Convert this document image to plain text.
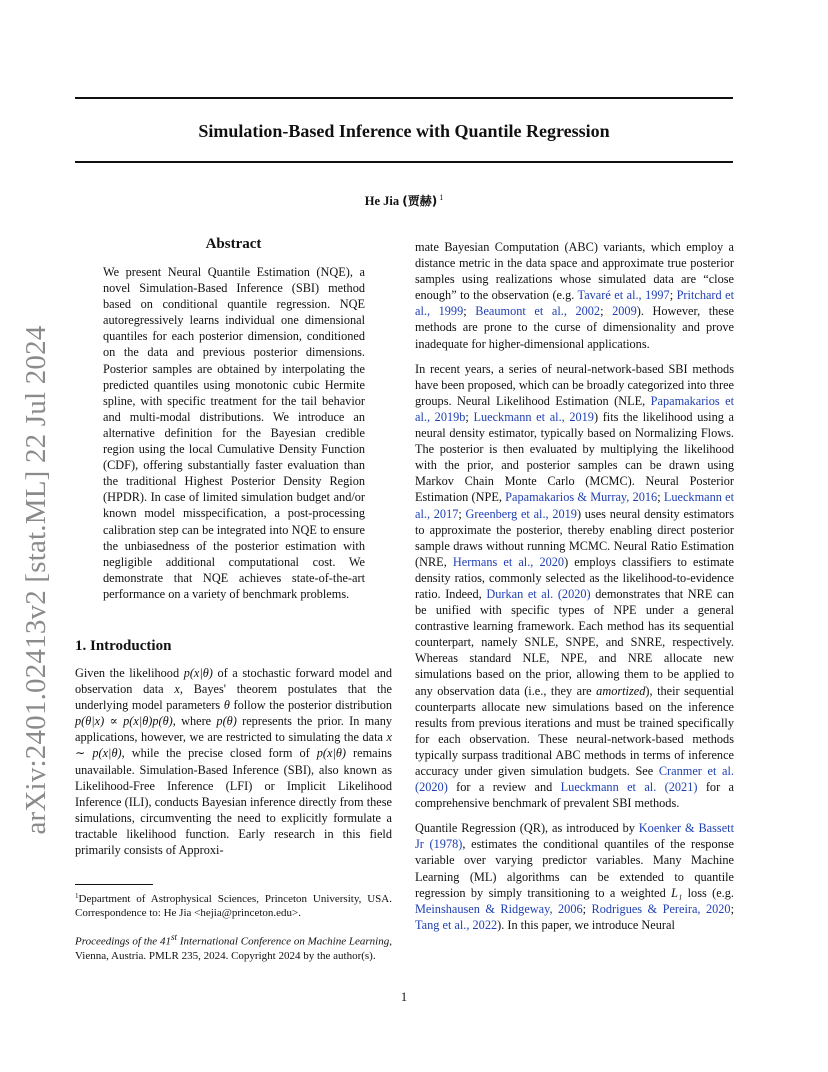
arXiv:2401.02413v2 [stat.ML] 22 Jul 2024
Simulation-Based Inference with Quantile Regression
He Jia (贾赫) $^1$
Abstract

We present Neural Quantile Estimation (NQE), a novel Simulation-Based Inference (SBI) method based on conditional quantile regression. NQE autoregressively learns individual one dimensional quantiles for each posterior dimension, conditioned on the data and previous posterior dimensions. Posterior samples are obtained by interpolating the predicted quantiles using monotonic cubic Hermite spline, with specific treatment for the tail behavior and multi-modal distributions. We introduce an alternative definition for the Bayesian credible region using the local Cumulative Density Function (CDF), offering substantially faster evaluation than the traditional Highest Posterior Density Region (HPDR). In case of limited simulation budget and/or known model misspecification, a post-processing calibration step can be integrated into NQE to ensure the unbiasedness of the posterior estimation with negligible additional computational cost. We demonstrate that NQE achieves state-of-the-art performance on a variety of benchmark problems.

1. Introduction

Given the likelihood p(x|θ) of a stochastic forward model and observation data x, Bayes' theorem postulates that the underlying model parameters θ follow the posterior distribution p(θ|x) ∝ p(x|θ)p(θ), where p(θ) represents the prior. In many applications, however, we are restricted to simulating the data x ∼ p(x|θ), while the precise closed form of p(x|θ) remains unavailable. Simulation-Based Inference (SBI), also known as Likelihood-Free Inference (LFI) or Implicit Likelihood Inference (ILI), conducts Bayesian inference directly from these simulations, circumventing the need to explicitly formulate a tractable likelihood function. Early research in this field primarily consists of Approxi-

mate Bayesian Computation (ABC) variants, which employ a distance metric in the data space and approximate true posterior samples using realizations whose simulated data are “close enough” to the observation (e.g. Tavaré et al., 1997; Pritchard et al., 1999; Beaumont et al., 2002; 2009). However, these methods are prone to the curse of dimensionality and prove inadequate for higher-dimensional applications.

In recent years, a series of neural-network-based SBI methods have been proposed, which can be broadly categorized into three groups. Neural Likelihood Estimation (NLE, Papamakarios et al., 2019b; Lueckmann et al., 2019) fits the likelihood using a neural density estimator, typically based on Normalizing Flows. The posterior is then evaluated by multiplying the likelihood with the prior, and posterior samples can be drawn using Markov Chain Monte Carlo (MCMC). Neural Posterior Estimation (NPE, Papamakarios & Murray, 2016; Lueckmann et al., 2017; Greenberg et al., 2019) uses neural density estimators to approximate the posterior, thereby enabling direct posterior sample draws without running MCMC. Neural Ratio Estimation (NRE, Hermans et al., 2020) employs classifiers to estimate density ratios, commonly selected as the likelihood-to-evidence ratio. Indeed, Durkan et al. (2020) demonstrates that NRE can be unified with specific types of NPE under a general contrastive learning framework. Each method has its sequential counterpart, namely SNLE, SNPE, and SNRE, respectively. Whereas standard NLE, NPE, and NRE allocate new simulations based on the prior, allowing them to be applied to any observation data (i.e., they are amortized), their sequential counterparts allocate new simulations based on the inference results from previous iterations and must be trained specifically for each observation. These neural-network-based methods typically surpass traditional ABC methods in terms of inference accuracy under given simulation budgets. See Cranmer et al. (2020) for a review and Lueckmann et al. (2021) for a comprehensive benchmark of prevalent SBI methods.

Quantile Regression (QR), as introduced by Koenker & Bassett Jr (1978), estimates the conditional quantiles of the response variable over varying predictor variables. Many Machine Learning (ML) algorithms can be extended to quantile regression by simply transitioning to a weighted L₁ loss (e.g. Meinshausen & Ridgeway, 2006; Rodrigues & Pereira, 2020; Tang et al., 2022). In this paper, we introduce Neural

$^1$Department of Astrophysical Sciences, Princeton University, USA. Correspondence to: He Jia <hejia@princeton.edu>.
Proceedings of the 41st International Conference on Machine Learning, Vienna, Austria. PMLR 235, 2024. Copyright 2024 by the author(s).
1
